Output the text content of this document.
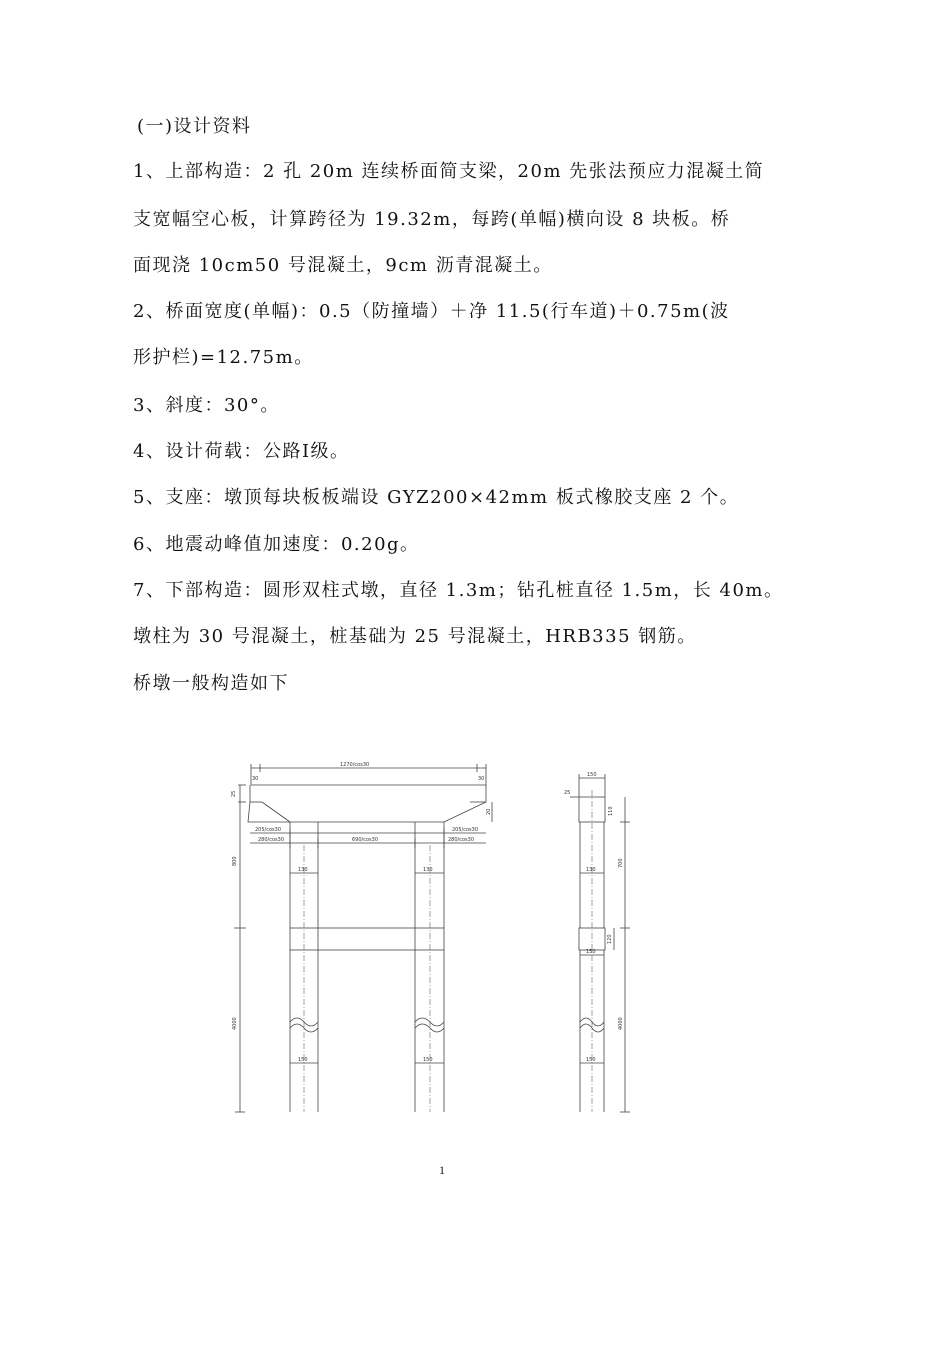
(一)设计资料
1、上部构造：2 孔 20m 连续桥面简支梁，20m 先张法预应力混凝土简
支宽幅空心板，计算跨径为 19.32m，每跨(单幅)横向设 8 块板。桥
面现浇 10cm50 号混凝土，9cm 沥青混凝土。
2、桥面宽度(单幅)：0.5（防撞墙）＋净 11.5(行车道)＋0.75m(波
形护栏)=12.75m。
3、斜度：30°。
4、设计荷载：公路Ⅰ级。
5、支座：墩顶每块板板端设 GYZ200×42mm 板式橡胶支座 2 个。
6、地震动峰值加速度：0.20g。
7、下部构造：圆形双柱式墩，直径 1.3m；钻孔桩直径 1.5m，长 40m。
墩柱为 30 号混凝土，桩基础为 25 号混凝土，HRB335 钢筋。
桥墩一般构造如下
1270/cos30
30	30
205/cos30	205/cos30
280/cos30	690/cos30	280/cos30
130	130
150	150
800
4000
25
20
150
25
110
700
130
120
150
150
4000
1
